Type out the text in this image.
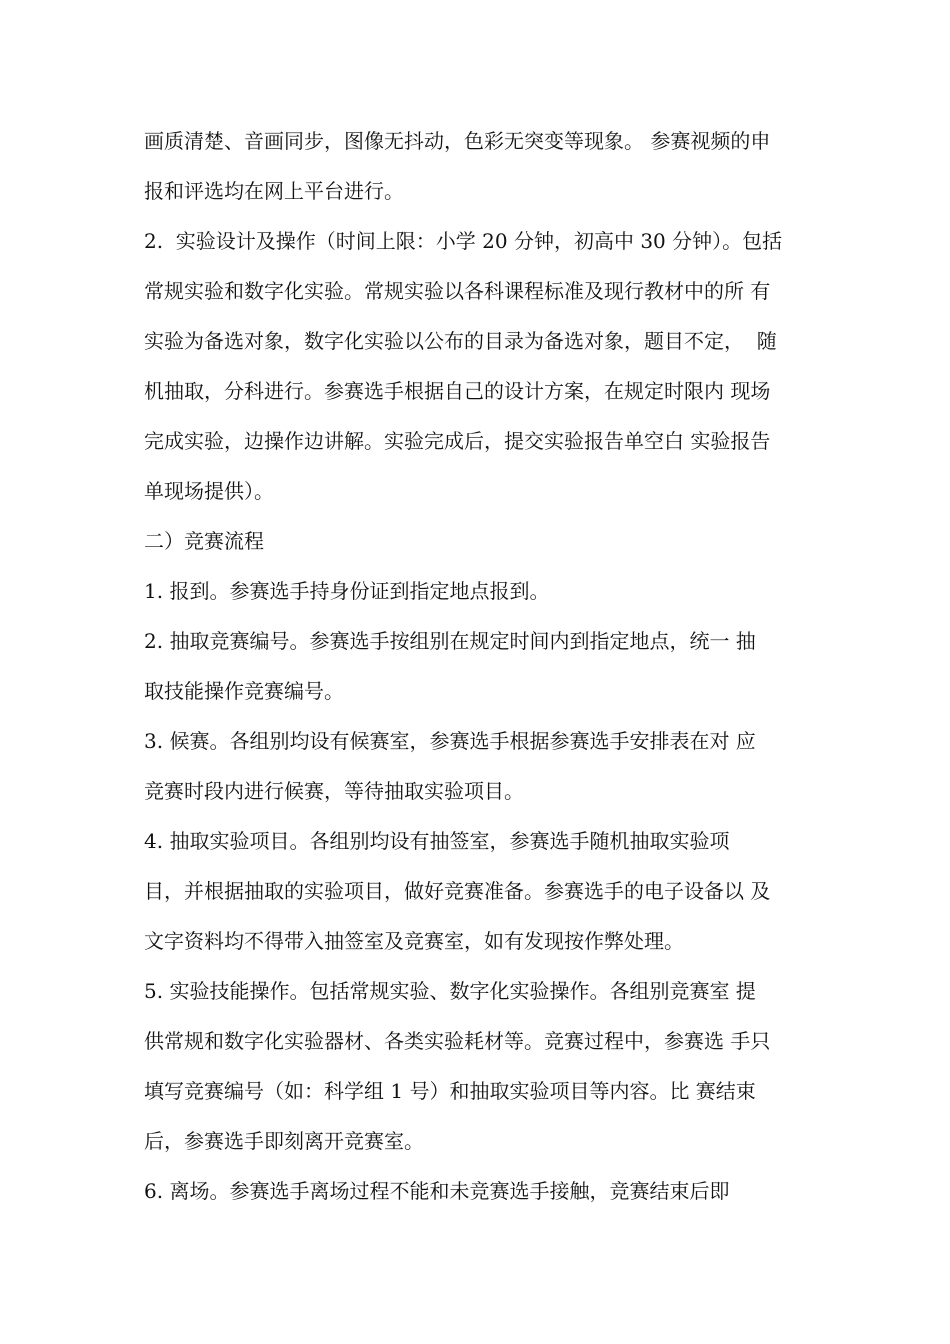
画质清楚、音画同步，图像无抖动，色彩无突变等现象。 参赛视频的申
报和评选均在网上平台进行。
2.  实验设计及操作（时间上限：小学 20 分钟，初高中 30 分钟）。包括
常规实验和数字化实验。常规实验以各科课程标准及现行教材中的所 有
实验为备选对象，数字化实验以公布的目录为备选对象，题目不定，  随
机抽取，分科进行。参赛选手根据自己的设计方案，在规定时限内 现场
完成实验，边操作边讲解。实验完成后，提交实验报告单空白 实验报告
单现场提供）。
二）竞赛流程
1. 报到。参赛选手持身份证到指定地点报到。
2. 抽取竞赛编号。参赛选手按组别在规定时间内到指定地点，统一 抽
取技能操作竞赛编号。
3. 候赛。各组别均设有候赛室，参赛选手根据参赛选手安排表在对 应
竞赛时段内进行候赛，等待抽取实验项目。
4. 抽取实验项目。各组别均设有抽签室，参赛选手随机抽取实验项
目，并根据抽取的实验项目，做好竞赛准备。参赛选手的电子设备以 及
文字资料均不得带入抽签室及竞赛室，如有发现按作弊处理。
5. 实验技能操作。包括常规实验、数字化实验操作。各组别竞赛室 提
供常规和数字化实验器材、各类实验耗材等。竞赛过程中，参赛选 手只
填写竞赛编号（如：科学组 1 号）和抽取实验项目等内容。比 赛结束
后，参赛选手即刻离开竞赛室。
6. 离场。参赛选手离场过程不能和未竞赛选手接触，竞赛结束后即
